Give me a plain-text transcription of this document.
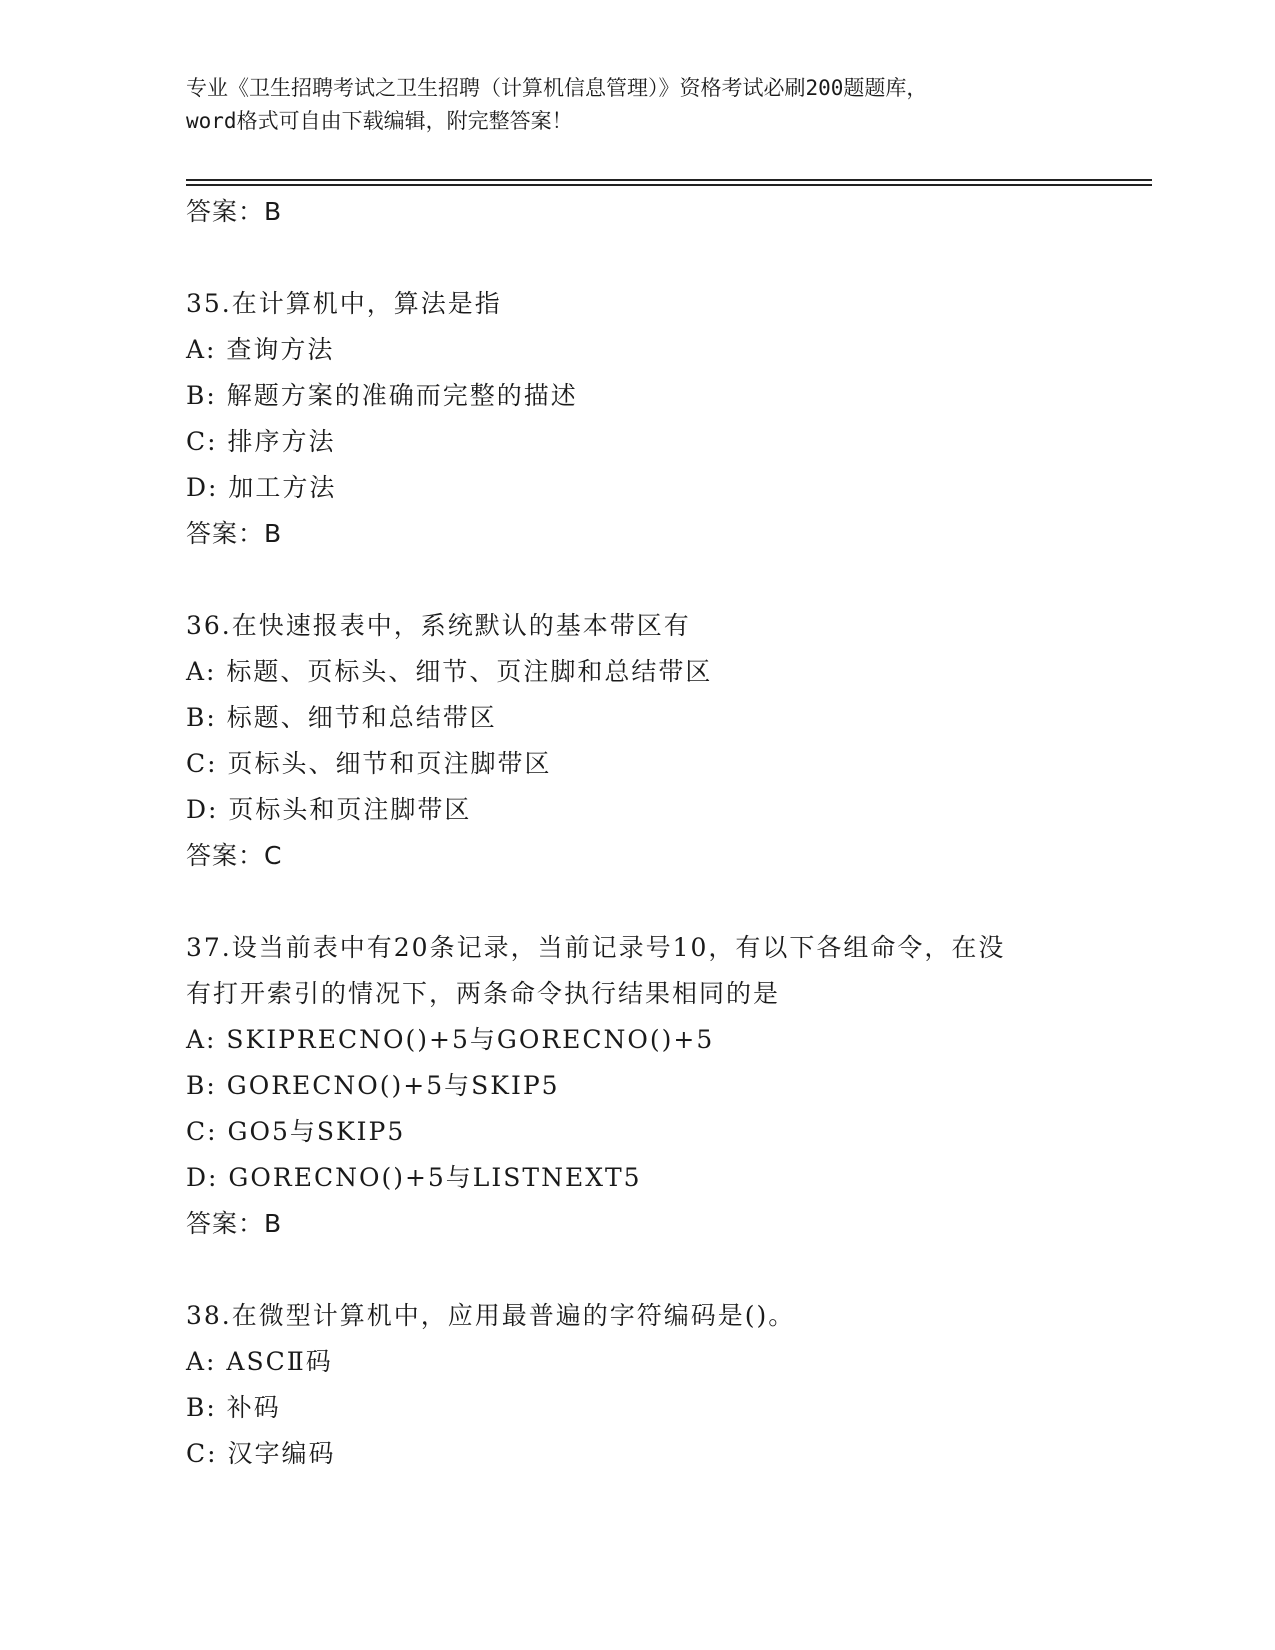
专业《卫生招聘考试之卫生招聘（计算机信息管理）》资格考试必刷200题题库，
word格式可自由下载编辑，附完整答案！
答案：B
35.在计算机中，算法是指
A: 查询方法
B: 解题方案的准确而完整的描述
C: 排序方法
D: 加工方法
答案：B
36.在快速报表中，系统默认的基本带区有
A: 标题、页标头、细节、页注脚和总结带区
B: 标题、细节和总结带区
C: 页标头、细节和页注脚带区
D: 页标头和页注脚带区
答案：C
37.设当前表中有20条记录，当前记录号10，有以下各组命令，在没
有打开索引的情况下，两条命令执行结果相同的是
A: SKIPRECNO()+5与GORECNO()+5
B: GORECNO()+5与SKIP5
C: GO5与SKIP5
D: GORECNO()+5与LISTNEXT5
答案：B
38.在微型计算机中，应用最普遍的字符编码是()。
A: ASCⅡ码
B: 补码
C: 汉字编码
